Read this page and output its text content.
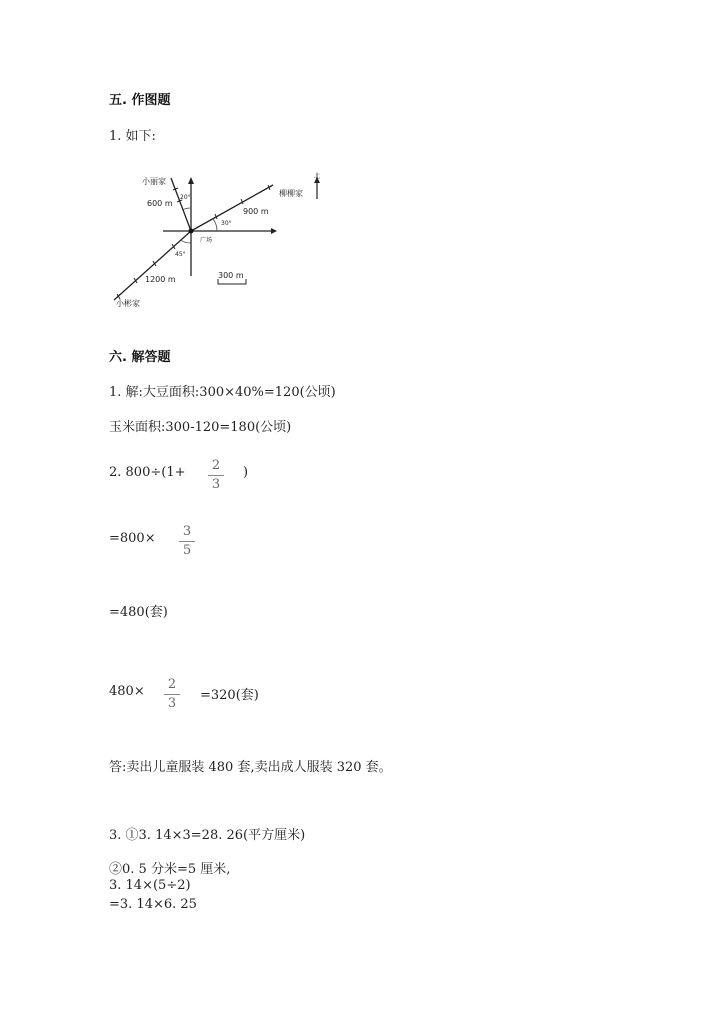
五. 作图题
1. 如下:
20°
小丽家
600 m
30°
900 m
柳柳家
北
45°
1200 m
小彬家
广场
300 m
六. 解答题
1. 解:大豆面积:300×40%=120(公顷)
玉米面积:300-120=180(公顷)
2. 800÷(1+	2
3
)
=800×	3
5
=480(套)
480×	2
3
=320(套)
答:卖出儿童服装 480 套,卖出成人服装 320 套。
3. ①3. 14×3=28. 26(平方厘米)
②0. 5 分米=5 厘米,
3. 14×(5÷2)
=3. 14×6. 25
